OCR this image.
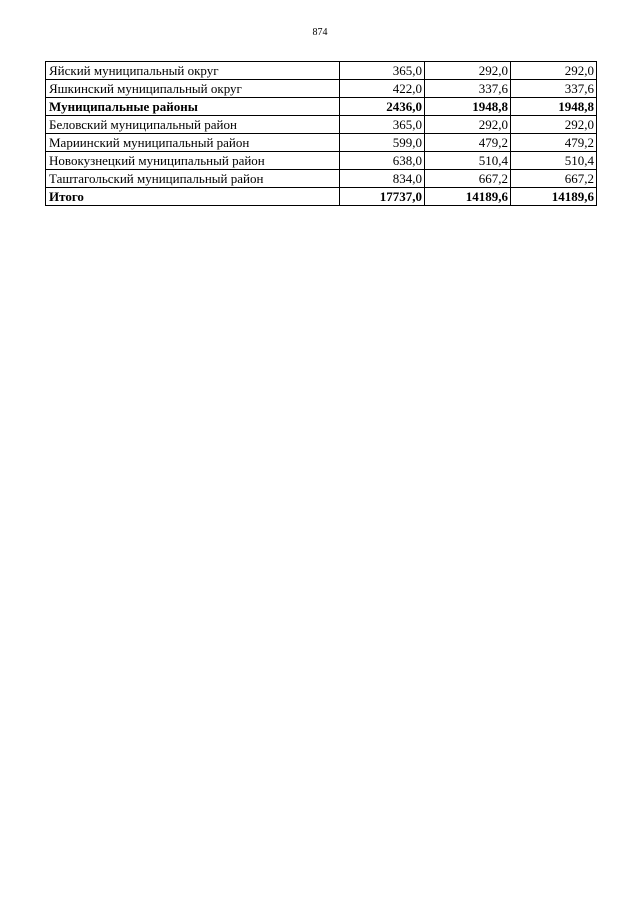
874
Яйский муниципальный округ	365,0	292,0	292,0
Яшкинский муниципальный округ	422,0	337,6	337,6
Муниципальные районы	2436,0	1948,8	1948,8
Беловский муниципальный район	365,0	292,0	292,0
Мариинский муниципальный район	599,0	479,2	479,2
Новокузнецкий муниципальный район	638,0	510,4	510,4
Таштагольский муниципальный район	834,0	667,2	667,2
Итого	17737,0	14189,6	14189,6
